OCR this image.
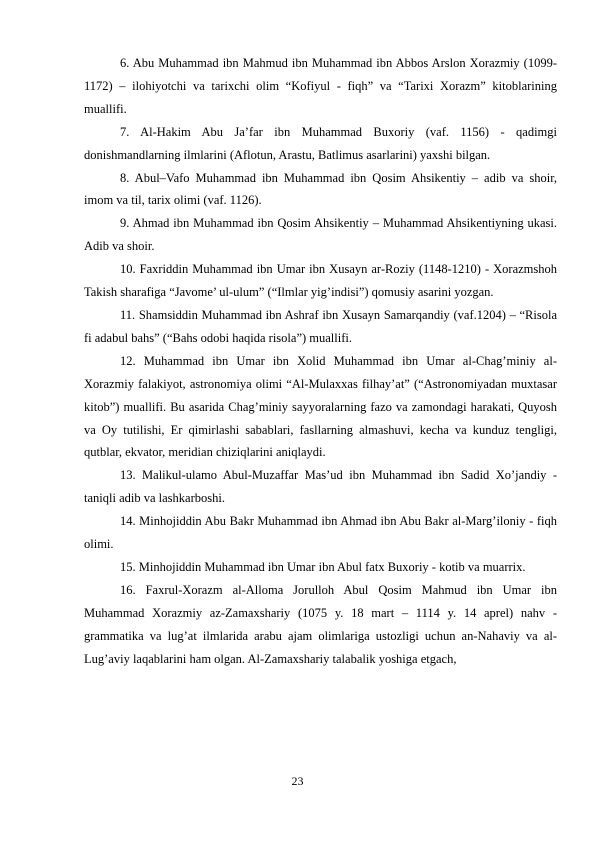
6. Abu Muhammad ibn Mahmud ibn Muhammad ibn Abbos Arslon Xorazmiy (1099-1172) – ilohiyotchi va tarixchi olim “Kofiyul - fiqh” va “Tarixi Xorazm” kitoblarining muallifi.

7. Al-Hakim Abu Ja’far ibn Muhammad Buxoriy (vaf. 1156) - qadimgi donishmandlarning ilmlarini (Aflotun, Arastu, Batlimus asarlarini) yaxshi bilgan.

8. Abul–Vafo Muhammad ibn Muhammad ibn Qosim Ahsikentiy – adib va shoir, imom va til, tarix olimi (vaf. 1126).

9. Ahmad ibn Muhammad ibn Qosim Ahsikentiy – Muhammad Ahsikentiyning ukasi. Adib va shoir.

10. Faxriddin Muhammad ibn Umar ibn Xusayn ar-Roziy (1148-1210) - Xorazmshoh Takish sharafiga “Javome’ ul-ulum” (“Ilmlar yig’indisi”) qomusiy asarini yozgan.

11. Shamsiddin Muhammad ibn Ashraf ibn Xusayn Samarqandiy (vaf.1204) – “Risola fi adabul bahs” (“Bahs odobi haqida risola”) muallifi.

12. Muhammad ibn Umar ibn Xolid Muhammad ibn Umar al-Chag’miniy al-Xorazmiy falakiyot, astronomiya olimi “Al-Mulaxxas filhay’at” (“Astronomiyadan muxtasar kitob”) muallifi. Bu asarida Chag’miniy sayyoralarning fazo va zamondagi harakati, Quyosh va Oy tutilishi, Er qimirlashi sabablari, fasllarning almashuvi, kecha va kunduz tengligi, qutblar, ekvator, meridian chiziqlarini aniqlaydi.

13. Malikul-ulamo Abul-Muzaffar Mas’ud ibn Muhammad ibn Sadid Xo’jandiy - taniqli adib va lashkarboshi.

14. Minhojiddin Abu Bakr Muhammad ibn Ahmad ibn Abu Bakr al-Marg’iloniy - fiqh olimi.

15. Minhojiddin Muhammad ibn Umar ibn Abul fatx Buxoriy - kotib va muarrix.

16. Faxrul-Xorazm al-Alloma Jorulloh Abul Qosim Mahmud ibn Umar ibn Muhammad Xorazmiy az-Zamaxshariy (1075 y. 18 mart – 1114 y. 14 aprel) nahv - grammatika va lug’at ilmlarida arabu ajam olimlariga ustozligi uchun an-Nahaviy va al-Lug’aviy laqablarini ham olgan. Al-Zamaxshariy talabalik yoshiga etgach,

23
